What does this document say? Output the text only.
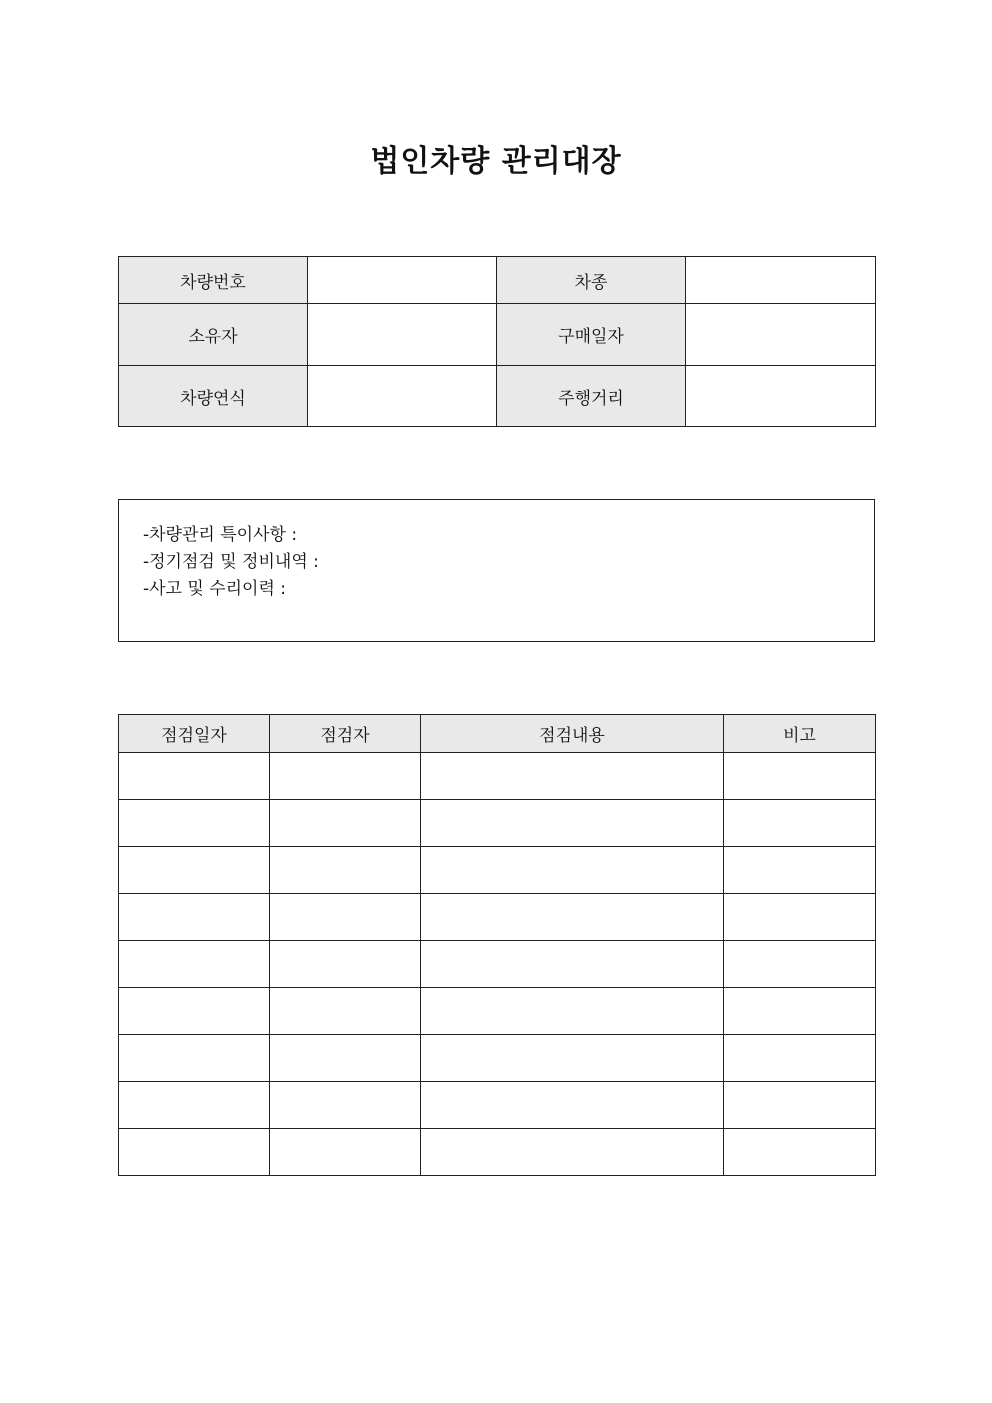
법인차량 관리대장
차량번호		차종	
소유자		구매일자	
차량연식		주행거리	
-차량관리 특이사항 :
-정기점검 및 정비내역 :
-사고 및 수리이력 :
점검일자	점검자	점검내용	비고
